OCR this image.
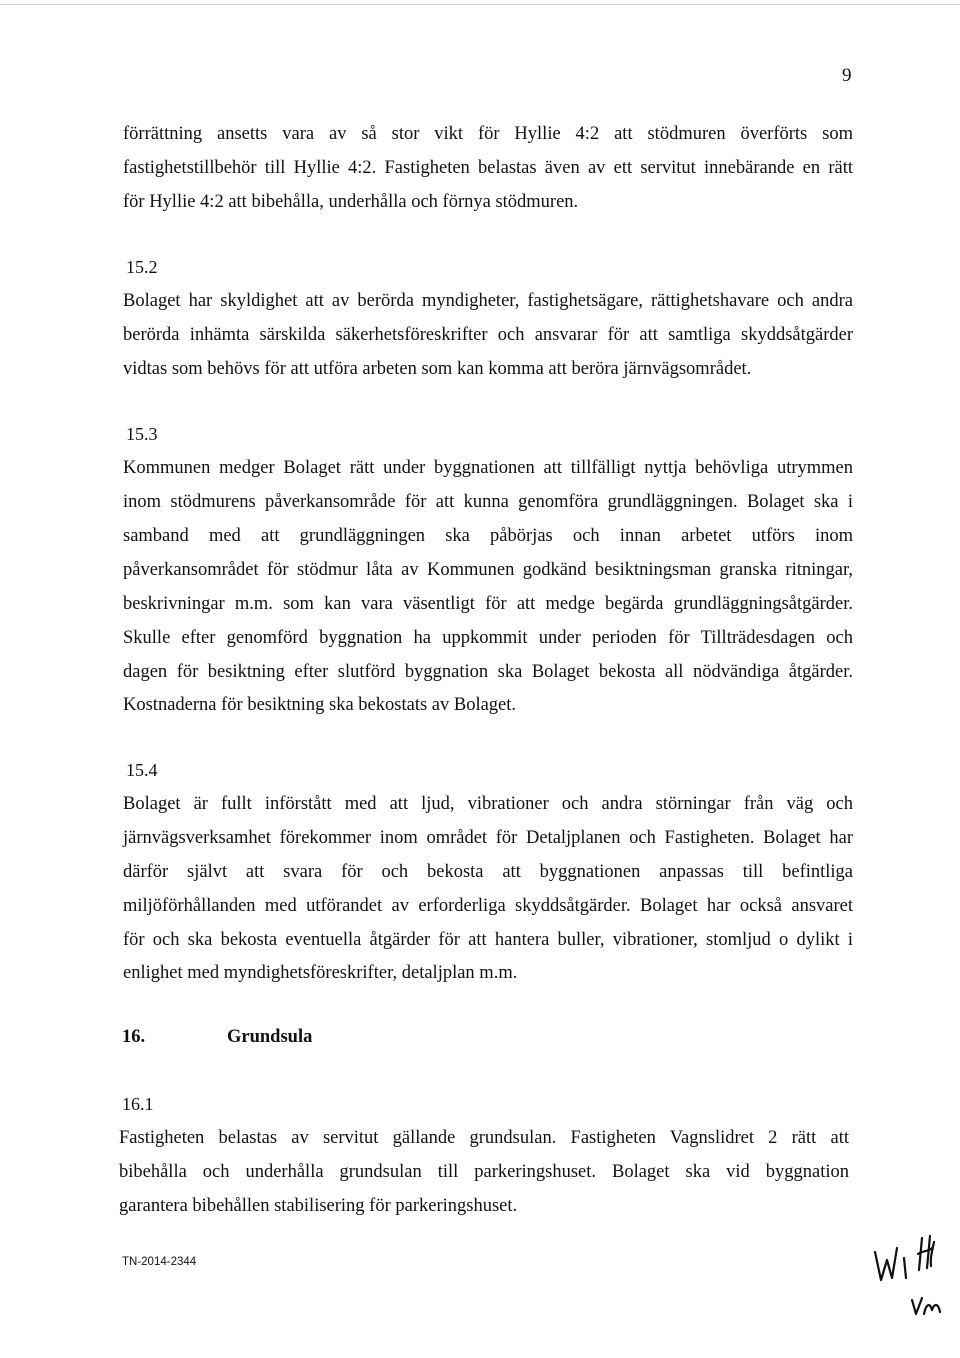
9

förrättning ansetts vara av så stor vikt för Hyllie 4:2 att stödmuren överförts som

fastighetstillbehör till Hyllie 4:2. Fastigheten belastas även av ett servitut innebärande en rätt

för Hyllie 4:2 att bibehålla, underhålla och förnya stödmuren.

15.2

Bolaget har skyldighet att av berörda myndigheter, fastighetsägare, rättighetshavare och andra

berörda inhämta särskilda säkerhetsföreskrifter och ansvarar för att samtliga skyddsåtgärder

vidtas som behövs för att utföra arbeten som kan komma att beröra järnvägsområdet.

15.3

Kommunen medger Bolaget rätt under byggnationen att tillfälligt nyttja behövliga utrymmen

inom stödmurens påverkansområde för att kunna genomföra grundläggningen. Bolaget ska i

samband med att grundläggningen ska påbörjas och innan arbetet utförs inom

påverkansområdet för stödmur låta av Kommunen godkänd besiktningsman granska ritningar,

beskrivningar m.m. som kan vara väsentligt för att medge begärda grundläggningsåtgärder.

Skulle efter genomförd byggnation ha uppkommit under perioden för Tillträdesdagen och

dagen för besiktning efter slutförd byggnation ska Bolaget bekosta all nödvändiga åtgärder.

Kostnaderna för besiktning ska bekostats av Bolaget.

15.4

Bolaget är fullt införstått med att ljud, vibrationer och andra störningar från väg och

järnvägsverksamhet förekommer inom området för Detaljplanen och Fastigheten. Bolaget har

därför självt att svara för och bekosta att byggnationen anpassas till befintliga

miljöförhållanden med utförandet av erforderliga skyddsåtgärder. Bolaget har också ansvaret

för och ska bekosta eventuella åtgärder för att hantera buller, vibrationer, stomljud o dylikt i

enlighet med myndighetsföreskrifter, detaljplan m.m.

16.	Grundsula

16.1

Fastigheten belastas av servitut gällande grundsulan. Fastigheten Vagnslidret 2 rätt att

bibehålla och underhålla grundsulan till parkeringshuset. Bolaget ska vid byggnation

garantera bibehållen stabilisering för parkeringshuset.

TN-2014-2344
